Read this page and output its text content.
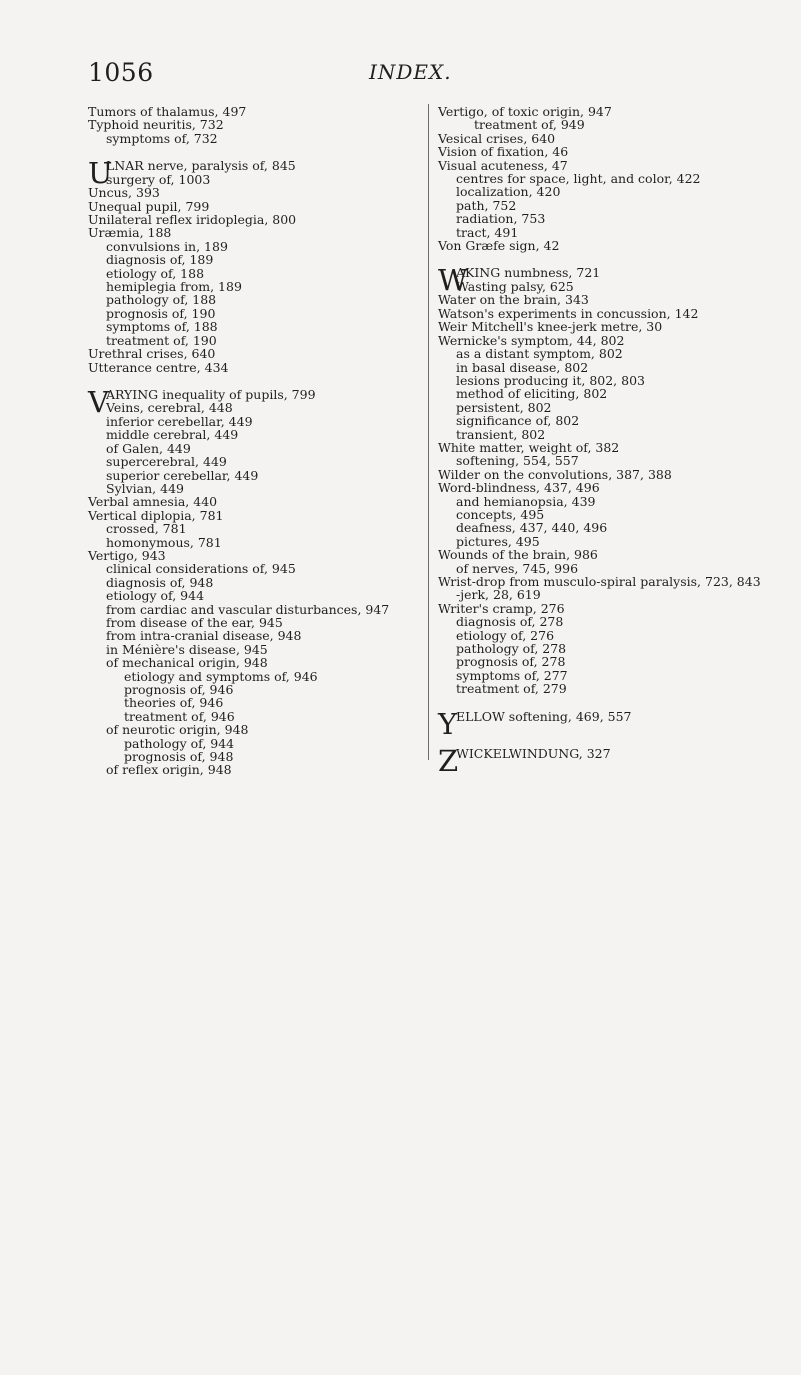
1056	INDEX.
Tumors of thalamus, 497
Typhoid neuritis, 732
symptoms of, 732
U
LNAR nerve, paralysis of, 845
surgery of, 1003
Uncus, 393
Unequal pupil, 799
Unilateral reflex iridoplegia, 800
Uræmia, 188
convulsions in, 189
diagnosis of, 189
etiology of, 188
hemiplegia from, 189
pathology of, 188
prognosis of, 190
symptoms of, 188
treatment of, 190
Urethral crises, 640
Utterance centre, 434
V
ARYING inequality of pupils, 799
Veins, cerebral, 448
inferior cerebellar, 449
middle cerebral, 449
of Galen, 449
supercerebral, 449
superior cerebellar, 449
Sylvian, 449
Verbal amnesia, 440
Vertical diplopia, 781
crossed, 781
homonymous, 781
Vertigo, 943
clinical considerations of, 945
diagnosis of, 948
etiology of, 944
from cardiac and vascular disturbances, 947
from disease of the ear, 945
from intra-cranial disease, 948
in Ménière's disease, 945
of mechanical origin, 948
etiology and symptoms of, 946
prognosis of, 946
theories of, 946
treatment of, 946
of neurotic origin, 948
pathology of, 944
prognosis of, 948
of reflex origin, 948
Vertigo, of toxic origin, 947
treatment of, 949
Vesical crises, 640
Vision of fixation, 46
Visual acuteness, 47
centres for space, light, and color, 422
localization, 420
path, 752
radiation, 753
tract, 491
Von Græfe sign, 42
W
AKING numbness, 721
Wasting palsy, 625
Water on the brain, 343
Watson's experiments in concussion, 142
Weir Mitchell's knee-jerk metre, 30
Wernicke's symptom, 44, 802
as a distant symptom, 802
in basal disease, 802
lesions producing it, 802, 803
method of eliciting, 802
persistent, 802
significance of, 802
transient, 802
White matter, weight of, 382
softening, 554, 557
Wilder on the convolutions, 387, 388
Word-blindness, 437, 496
and hemianopsia, 439
concepts, 495
deafness, 437, 440, 496
pictures, 495
Wounds of the brain, 986
of nerves, 745, 996
Wrist-drop from musculo-spiral paralysis, 723, 843
-jerk, 28, 619
Writer's cramp, 276
diagnosis of, 278
etiology of, 276
pathology of, 278
prognosis of, 278
symptoms of, 277
treatment of, 279
Y
ELLOW softening, 469, 557
Z
WICKELWINDUNG, 327
